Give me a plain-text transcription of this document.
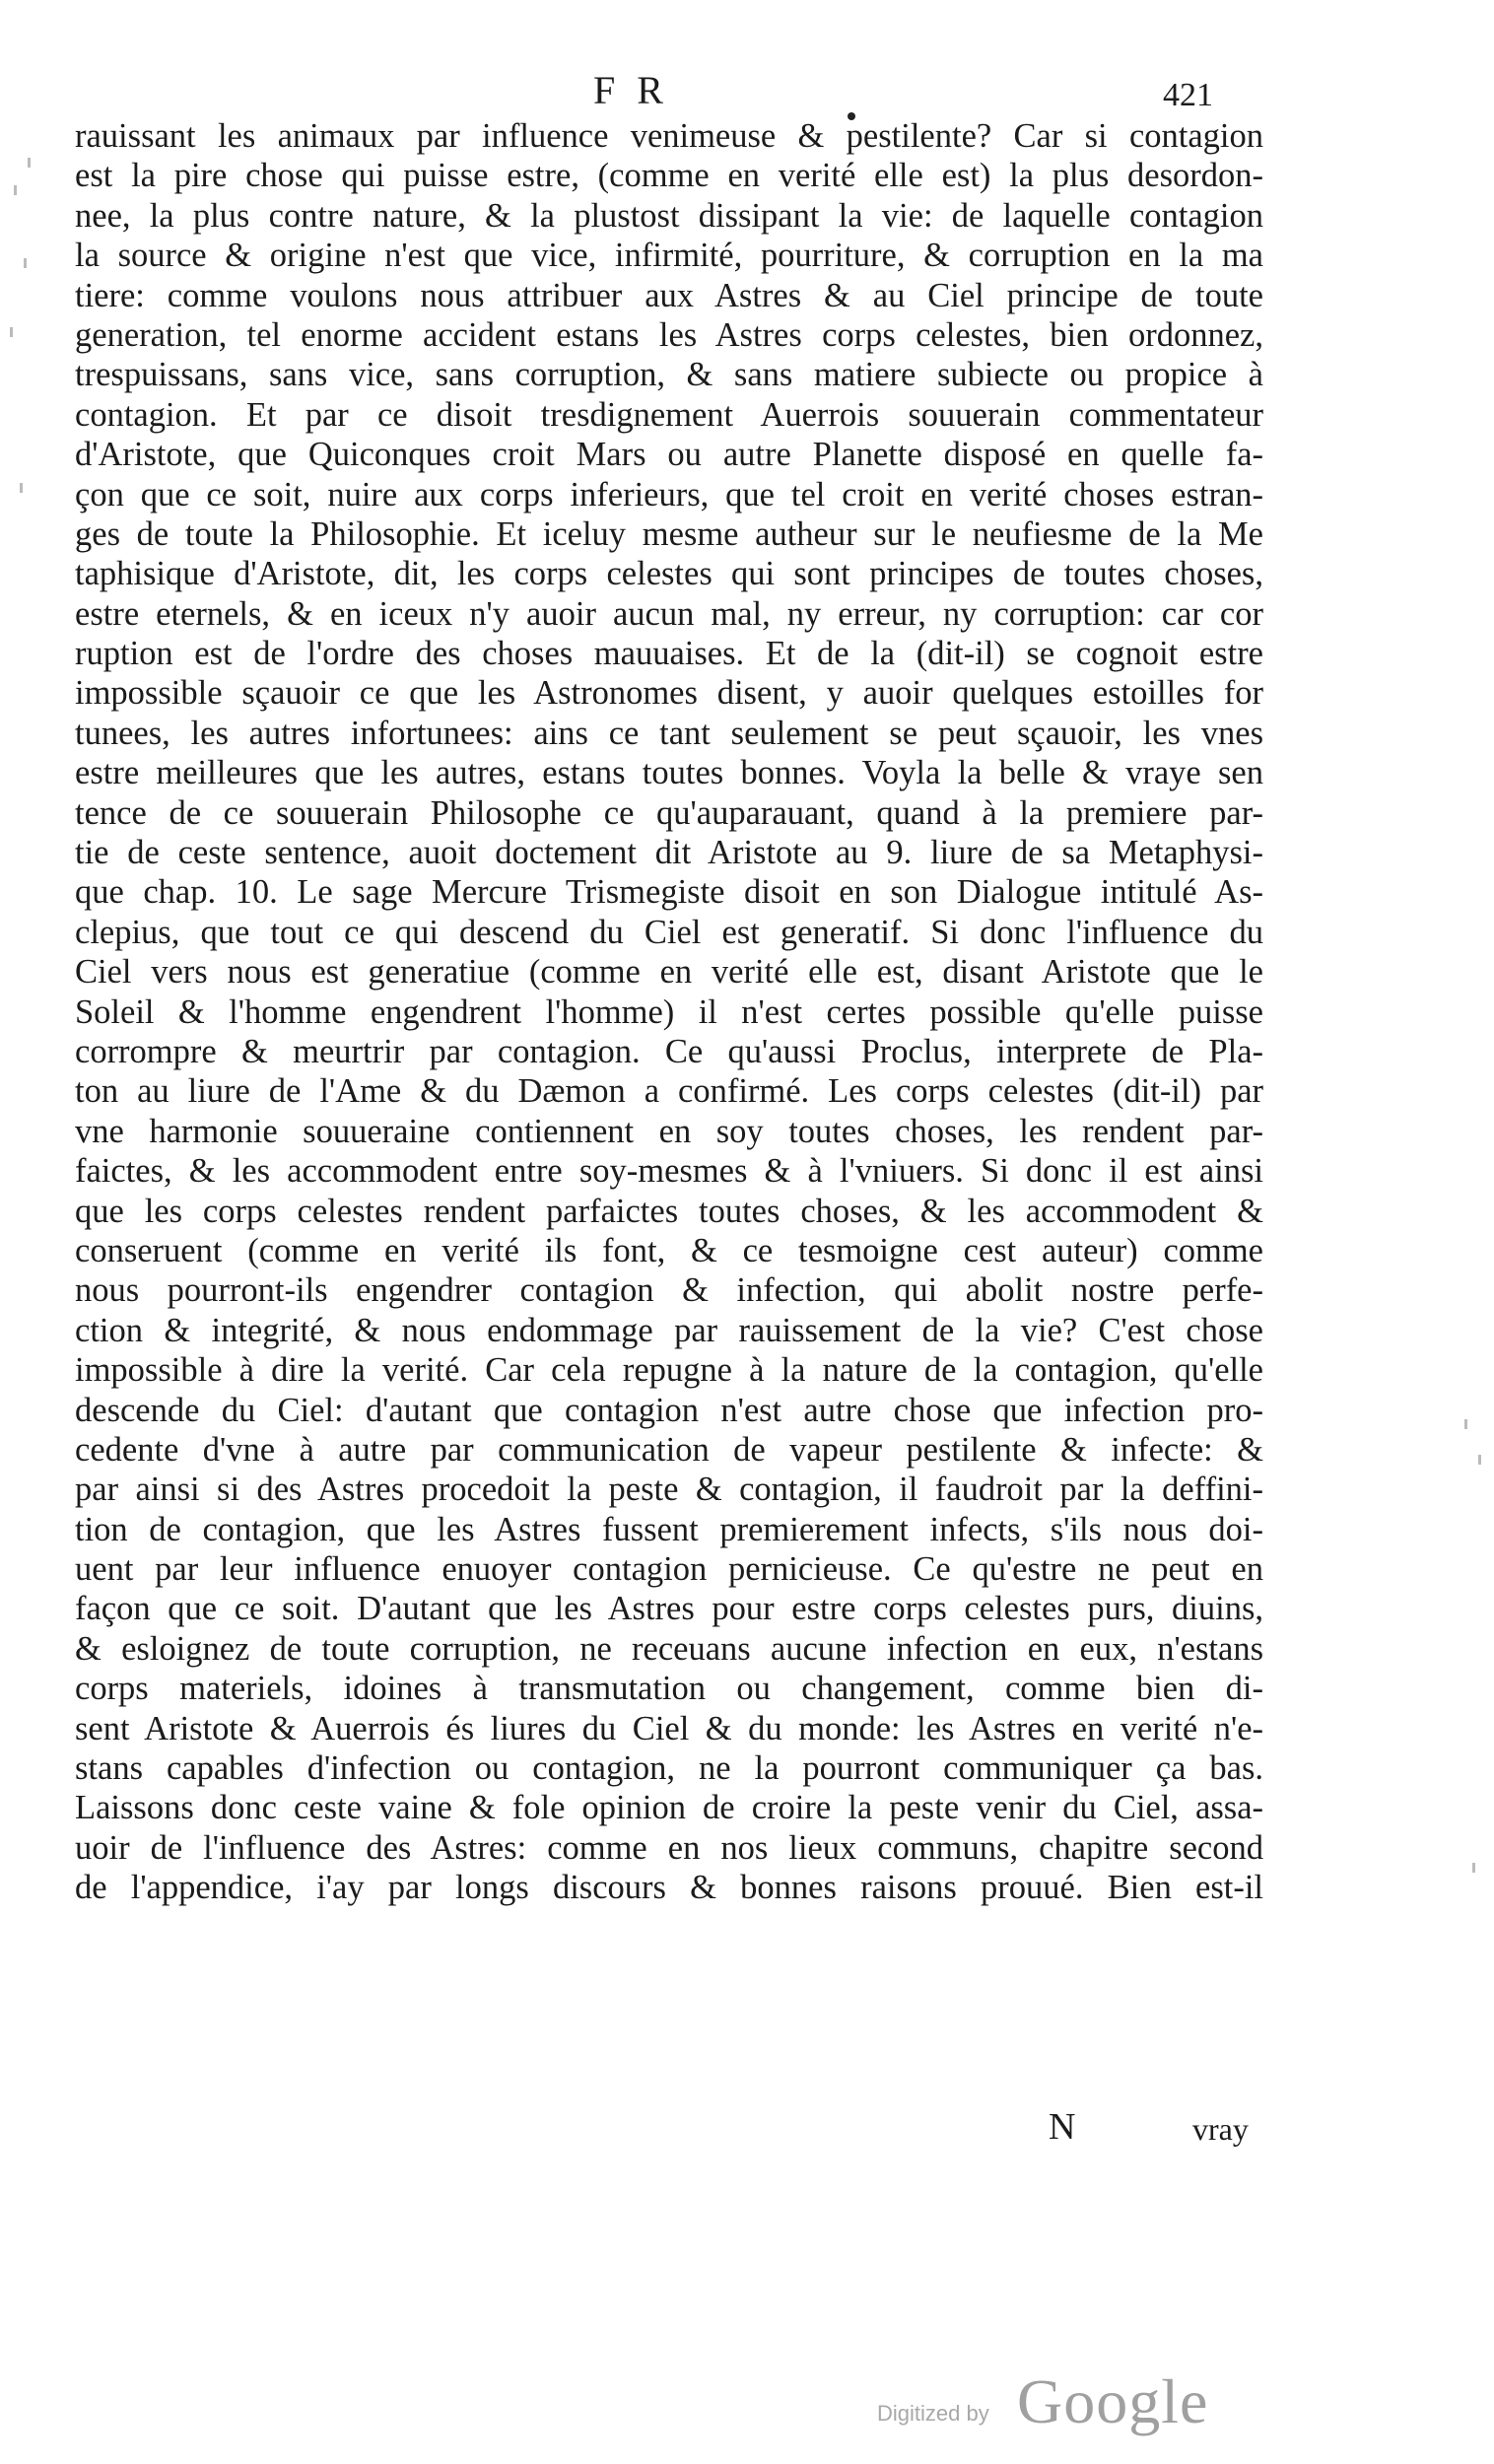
F R	421
rauissant les animaux par influence venimeuse & pestilente? Car si contagion
est la pire chose qui puisse estre, (comme en verité elle est) la plus desordon-
nee, la plus contre nature, & la plustost dissipant la vie: de laquelle contagion
la source & origine n'est que vice, infirmité, pourriture, & corruption en la ma
tiere: comme voulons nous attribuer aux Astres & au Ciel principe de toute
generation, tel enorme accident estans les Astres corps celestes, bien ordonnez,
trespuissans, sans vice, sans corruption, & sans matiere subiecte ou propice à
contagion. Et par ce disoit tresdignement Auerrois souuerain commentateur
d'Aristote, que Quiconques croit Mars ou autre Planette disposé en quelle fa-
çon que ce soit, nuire aux corps inferieurs, que tel croit en verité choses estran-
ges de toute la Philosophie. Et iceluy mesme autheur sur le neufiesme de la Me
taphisique d'Aristote, dit, les corps celestes qui sont principes de toutes choses,
estre eternels, & en iceux n'y auoir aucun mal, ny erreur, ny corruption: car cor
ruption est de l'ordre des choses mauuaises. Et de la (dit-il) se cognoit estre
impossible sçauoir ce que les Astronomes disent, y auoir quelques estoilles for
tunees, les autres infortunees: ains ce tant seulement se peut sçauoir, les vnes
estre meilleures que les autres, estans toutes bonnes. Voyla la belle & vraye sen
tence de ce souuerain Philosophe ce qu'auparauant, quand à la premiere par-
tie de ceste sentence, auoit doctement dit Aristote au 9. liure de sa Metaphysi-
que chap. 10. Le sage Mercure Trismegiste disoit en son Dialogue intitulé As-
clepius, que tout ce qui descend du Ciel est generatif. Si donc l'influence du
Ciel vers nous est generatiue (comme en verité elle est, disant Aristote que le
Soleil & l'homme engendrent l'homme) il n'est certes possible qu'elle puisse
corrompre & meurtrir par contagion. Ce qu'aussi Proclus, interprete de Pla-
ton au liure de l'Ame & du Dæmon a confirmé. Les corps celestes (dit-il) par
vne harmonie souueraine contiennent en soy toutes choses, les rendent par-
faictes, & les accommodent entre soy-mesmes & à l'vniuers. Si donc il est ainsi
que les corps celestes rendent parfaictes toutes choses, & les accommodent &
conseruent (comme en verité ils font, & ce tesmoigne cest auteur) comme
nous pourront-ils engendrer contagion & infection, qui abolit nostre perfe-
ction & integrité, & nous endommage par rauissement de la vie? C'est chose
impossible à dire la verité. Car cela repugne à la nature de la contagion, qu'elle
descende du Ciel: d'autant que contagion n'est autre chose que infection pro-
cedente d'vne à autre par communication de vapeur pestilente & infecte: &
par ainsi si des Astres procedoit la peste & contagion, il faudroit par la deffini-
tion de contagion, que les Astres fussent premierement infects, s'ils nous doi-
uent par leur influence enuoyer contagion pernicieuse. Ce qu'estre ne peut en
façon que ce soit. D'autant que les Astres pour estre corps celestes purs, diuins,
& esloignez de toute corruption, ne receuans aucune infection en eux, n'estans
corps materiels, idoines à transmutation ou changement, comme bien di-
sent Aristote & Auerrois és liures du Ciel & du monde: les Astres en verité n'e-
stans capables d'infection ou contagion, ne la pourront communiquer ça bas.
Laissons donc ceste vaine & fole opinion de croire la peste venir du Ciel, assa-
uoir de l'influence des Astres: comme en nos lieux communs, chapitre second
de l'appendice, i'ay par longs discours & bonnes raisons prouué. Bien est-il
N	vray
Digitized by Google
